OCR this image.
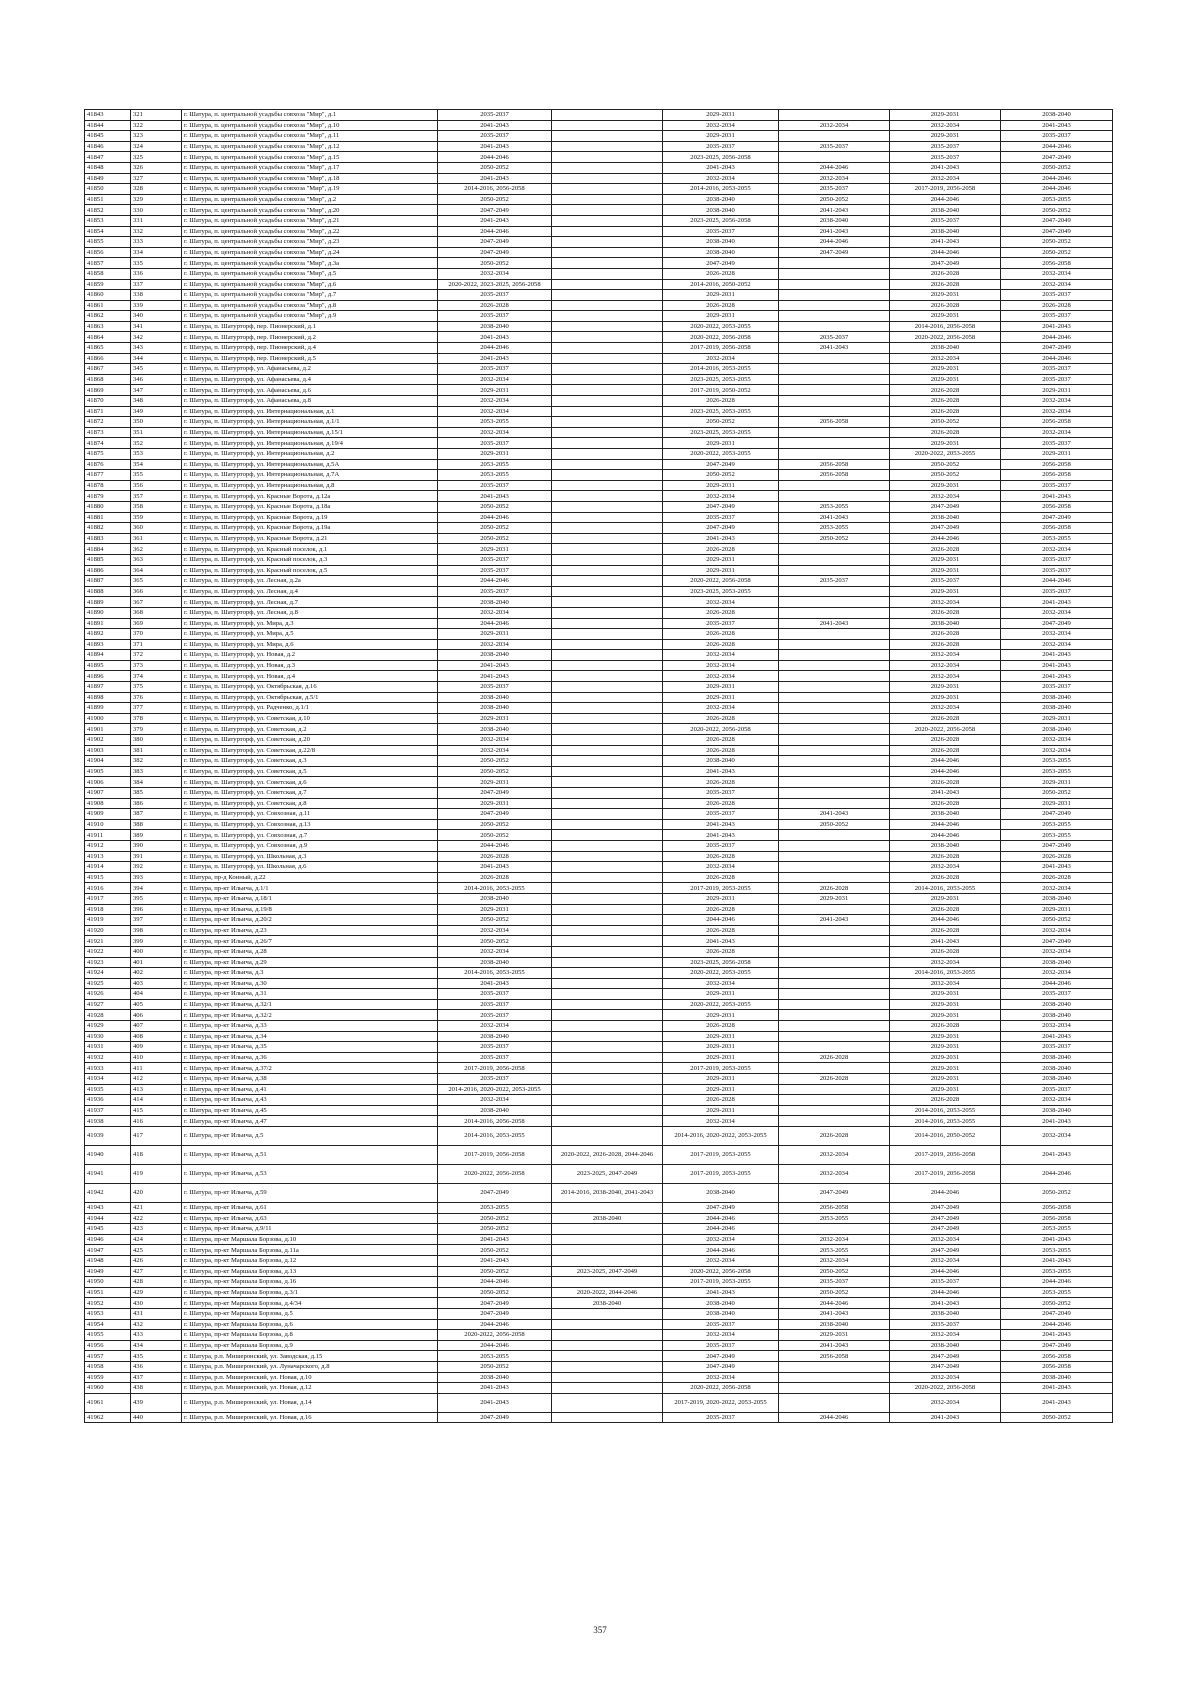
41843	321	г. Шатура, п. центральной усадьбы совхоза "Мир", д.1	2035-2037		2029-2031		2029-2031	2038-2040
41844	322	г. Шатура, п. центральной усадьбы совхоза "Мир", д.10	2041-2043		2032-2034	2032-2034	2032-2034	2041-2043
41845	323	г. Шатура, п. центральной усадьбы совхоза "Мир", д.11	2035-2037		2029-2031		2029-2031	2035-2037
41846	324	г. Шатура, п. центральной усадьбы совхоза "Мир", д.12	2041-2043		2035-2037	2035-2037	2035-2037	2044-2046
41847	325	г. Шатура, п. центральной усадьбы совхоза "Мир", д.15	2044-2046		2023-2025, 2056-2058		2035-2037	2047-2049
41848	326	г. Шатура, п. центральной усадьбы совхоза "Мир", д.17	2050-2052		2041-2043	2044-2046	2041-2043	2050-2052
41849	327	г. Шатура, п. центральной усадьбы совхоза "Мир", д.18	2041-2043		2032-2034	2032-2034	2032-2034	2044-2046
41850	328	г. Шатура, п. центральной усадьбы совхоза "Мир", д.19	2014-2016, 2056-2058		2014-2016, 2053-2055	2035-2037	2017-2019, 2056-2058	2044-2046
41851	329	г. Шатура, п. центральной усадьбы совхоза "Мир", д.2	2050-2052		2038-2040	2050-2052	2044-2046	2053-2055
41852	330	г. Шатура, п. центральной усадьбы совхоза "Мир", д.20	2047-2049		2038-2040	2041-2043	2038-2040	2050-2052
41853	331	г. Шатура, п. центральной усадьбы совхоза "Мир", д.21	2041-2043		2023-2025, 2056-2058	2038-2040	2035-2037	2047-2049
41854	332	г. Шатура, п. центральной усадьбы совхоза "Мир", д.22	2044-2046		2035-2037	2041-2043	2038-2040	2047-2049
41855	333	г. Шатура, п. центральной усадьбы совхоза "Мир", д.23	2047-2049		2038-2040	2044-2046	2041-2043	2050-2052
41856	334	г. Шатура, п. центральной усадьбы совхоза "Мир", д.24	2047-2049		2038-2040	2047-2049	2044-2046	2050-2052
41857	335	г. Шатура, п. центральной усадьбы совхоза "Мир", д.3а	2050-2052		2047-2049		2047-2049	2056-2058
41858	336	г. Шатура, п. центральной усадьбы совхоза "Мир", д.5	2032-2034		2026-2028		2026-2028	2032-2034
41859	337	г. Шатура, п. центральной усадьбы совхоза "Мир", д.6	2020-2022, 2023-2025, 2056-2058		2014-2016, 2050-2052		2026-2028	2032-2034
41860	338	г. Шатура, п. центральной усадьбы совхоза "Мир", д.7	2035-2037		2029-2031		2029-2031	2035-2037
41861	339	г. Шатура, п. центральной усадьбы совхоза "Мир", д.8	2026-2028		2026-2028		2026-2028	2026-2028
41862	340	г. Шатура, п. центральной усадьбы совхоза "Мир", д.9	2035-2037		2029-2031		2029-2031	2035-2037
41863	341	г. Шатура, п. Шатурторф, пер. Пионерский, д.1	2038-2040		2020-2022, 2053-2055		2014-2016, 2056-2058	2041-2043
41864	342	г. Шатура, п. Шатурторф, пер. Пионерский, д.2	2041-2043		2020-2022, 2056-2058	2035-2037	2020-2022, 2056-2058	2044-2046
41865	343	г. Шатура, п. Шатурторф, пер. Пионерский, д.4	2044-2046		2017-2019, 2056-2058	2041-2043	2038-2040	2047-2049
41866	344	г. Шатура, п. Шатурторф, пер. Пионерский, д.5	2041-2043		2032-2034		2032-2034	2044-2046
41867	345	г. Шатура, п. Шатурторф, ул. Афанасьева, д.2	2035-2037		2014-2016, 2053-2055		2029-2031	2035-2037
41868	346	г. Шатура, п. Шатурторф, ул. Афанасьева, д.4	2032-2034		2023-2025, 2053-2055		2029-2031	2035-2037
41869	347	г. Шатура, п. Шатурторф, ул. Афанасьева, д.6	2029-2031		2017-2019, 2050-2052		2026-2028	2029-2031
41870	348	г. Шатура, п. Шатурторф, ул. Афанасьева, д.8	2032-2034		2026-2028		2026-2028	2032-2034
41871	349	г. Шатура, п. Шатурторф, ул. Интернациональная, д.1	2032-2034		2023-2025, 2053-2055		2026-2028	2032-2034
41872	350	г. Шатура, п. Шатурторф, ул. Интернациональная, д.1/1	2053-2055		2050-2052	2056-2058	2050-2052	2056-2058
41873	351	г. Шатура, п. Шатурторф, ул. Интернациональная, д.15/1	2032-2034		2023-2025, 2053-2055		2026-2028	2032-2034
41874	352	г. Шатура, п. Шатурторф, ул. Интернациональная, д.19/4	2035-2037		2029-2031		2029-2031	2035-2037
41875	353	г. Шатура, п. Шатурторф, ул. Интернациональная, д.2	2029-2031		2020-2022, 2053-2055		2020-2022, 2053-2055	2029-2031
41876	354	г. Шатура, п. Шатурторф, ул. Интернациональная, д.5А	2053-2055		2047-2049	2056-2058	2050-2052	2056-2058
41877	355	г. Шатура, п. Шатурторф, ул. Интернациональная, д.7А	2053-2055		2050-2052	2056-2058	2050-2052	2056-2058
41878	356	г. Шатура, п. Шатурторф, ул. Интернациональная, д.8	2035-2037		2029-2031		2029-2031	2035-2037
41879	357	г. Шатура, п. Шатурторф, ул. Красные Ворота, д.12а	2041-2043		2032-2034		2032-2034	2041-2043
41880	358	г. Шатура, п. Шатурторф, ул. Красные Ворота, д.18а	2050-2052		2047-2049	2053-2055	2047-2049	2056-2058
41881	359	г. Шатура, п. Шатурторф, ул. Красные Ворота, д.19	2044-2046		2035-2037	2041-2043	2038-2040	2047-2049
41882	360	г. Шатура, п. Шатурторф, ул. Красные Ворота, д.19а	2050-2052		2047-2049	2053-2055	2047-2049	2056-2058
41883	361	г. Шатура, п. Шатурторф, ул. Красные Ворота, д.21	2050-2052		2041-2043	2050-2052	2044-2046	2053-2055
41884	362	г. Шатура, п. Шатурторф, ул. Красный поселок, д.1	2029-2031		2026-2028		2026-2028	2032-2034
41885	363	г. Шатура, п. Шатурторф, ул. Красный поселок, д.3	2035-2037		2029-2031		2029-2031	2035-2037
41886	364	г. Шатура, п. Шатурторф, ул. Красный поселок, д.5	2035-2037		2029-2031		2029-2031	2035-2037
41887	365	г. Шатура, п. Шатурторф, ул. Лесная, д.2а	2044-2046		2020-2022, 2056-2058	2035-2037	2035-2037	2044-2046
41888	366	г. Шатура, п. Шатурторф, ул. Лесная, д.4	2035-2037		2023-2025, 2053-2055		2029-2031	2035-2037
41889	367	г. Шатура, п. Шатурторф, ул. Лесная, д.7	2038-2040		2032-2034		2032-2034	2041-2043
41890	368	г. Шатура, п. Шатурторф, ул. Лесная, д.8	2032-2034		2026-2028		2026-2028	2032-2034
41891	369	г. Шатура, п. Шатурторф, ул. Мира, д.3	2044-2046		2035-2037	2041-2043	2038-2040	2047-2049
41892	370	г. Шатура, п. Шатурторф, ул. Мира, д.5	2029-2031		2026-2028		2026-2028	2032-2034
41893	371	г. Шатура, п. Шатурторф, ул. Мира, д.6	2032-2034		2026-2028		2026-2028	2032-2034
41894	372	г. Шатура, п. Шатурторф, ул. Новая, д.2	2038-2040		2032-2034		2032-2034	2041-2043
41895	373	г. Шатура, п. Шатурторф, ул. Новая, д.3	2041-2043		2032-2034		2032-2034	2041-2043
41896	374	г. Шатура, п. Шатурторф, ул. Новая, д.4	2041-2043		2032-2034		2032-2034	2041-2043
41897	375	г. Шатура, п. Шатурторф, ул. Октябрьская, д.16	2035-2037		2029-2031		2029-2031	2035-2037
41898	376	г. Шатура, п. Шатурторф, ул. Октябрьская, д.5/1	2038-2040		2029-2031		2029-2031	2038-2040
41899	377	г. Шатура, п. Шатурторф, ул. Радченко, д.1/1	2038-2040		2032-2034		2032-2034	2038-2040
41900	378	г. Шатура, п. Шатурторф, ул. Советская, д.10	2029-2031		2026-2028		2026-2028	2029-2031
41901	379	г. Шатура, п. Шатурторф, ул. Советская, д.2	2038-2040		2020-2022, 2056-2058		2020-2022, 2056-2058	2038-2040
41902	380	г. Шатура, п. Шатурторф, ул. Советская, д.20	2032-2034		2026-2028		2026-2028	2032-2034
41903	381	г. Шатура, п. Шатурторф, ул. Советская, д.22/8	2032-2034		2026-2028		2026-2028	2032-2034
41904	382	г. Шатура, п. Шатурторф, ул. Советская, д.3	2050-2052		2038-2040		2044-2046	2053-2055
41905	383	г. Шатура, п. Шатурторф, ул. Советская, д.5	2050-2052		2041-2043		2044-2046	2053-2055
41906	384	г. Шатура, п. Шатурторф, ул. Советская, д.6	2029-2031		2026-2028		2026-2028	2029-2031
41907	385	г. Шатура, п. Шатурторф, ул. Советская, д.7	2047-2049		2035-2037		2041-2043	2050-2052
41908	386	г. Шатура, п. Шатурторф, ул. Советская, д.8	2029-2031		2026-2028		2026-2028	2029-2031
41909	387	г. Шатура, п. Шатурторф, ул. Совхозная, д.11	2047-2049		2035-2037	2041-2043	2038-2040	2047-2049
41910	388	г. Шатура, п. Шатурторф, ул. Совхозная, д.13	2050-2052		2041-2043	2050-2052	2044-2046	2053-2055
41911	389	г. Шатура, п. Шатурторф, ул. Совхозная, д.7	2050-2052		2041-2043		2044-2046	2053-2055
41912	390	г. Шатура, п. Шатурторф, ул. Совхозная, д.9	2044-2046		2035-2037		2038-2040	2047-2049
41913	391	г. Шатура, п. Шатурторф, ул. Школьная, д.3	2026-2028		2026-2028		2026-2028	2026-2028
41914	392	г. Шатура, п. Шатурторф, ул. Школьная, д.6	2041-2043		2032-2034		2032-2034	2041-2043
41915	393	г. Шатура, пр-д Конный, д.22	2026-2028		2026-2028		2026-2028	2026-2028
41916	394	г. Шатура, пр-кт Ильича, д.1/1	2014-2016, 2053-2055		2017-2019, 2053-2055	2026-2028	2014-2016, 2053-2055	2032-2034
41917	395	г. Шатура, пр-кт Ильича, д.18/1	2038-2040		2029-2031	2029-2031	2029-2031	2038-2040
41918	396	г. Шатура, пр-кт Ильича, д.19/8	2029-2031		2026-2028		2026-2028	2029-2031
41919	397	г. Шатура, пр-кт Ильича, д.20/2	2050-2052		2044-2046	2041-2043	2044-2046	2050-2052
41920	398	г. Шатура, пр-кт Ильича, д.23	2032-2034		2026-2028		2026-2028	2032-2034
41921	399	г. Шатура, пр-кт Ильича, д.26/7	2050-2052		2041-2043		2041-2043	2047-2049
41922	400	г. Шатура, пр-кт Ильича, д.28	2032-2034		2026-2028		2026-2028	2032-2034
41923	401	г. Шатура, пр-кт Ильича, д.29	2038-2040		2023-2025, 2056-2058		2032-2034	2038-2040
41924	402	г. Шатура, пр-кт Ильича, д.3	2014-2016, 2053-2055		2020-2022, 2053-2055		2014-2016, 2053-2055	2032-2034
41925	403	г. Шатура, пр-кт Ильича, д.30	2041-2043		2032-2034		2032-2034	2044-2046
41926	404	г. Шатура, пр-кт Ильича, д.31	2035-2037		2029-2031		2029-2031	2035-2037
41927	405	г. Шатура, пр-кт Ильича, д.32/1	2035-2037		2020-2022, 2053-2055		2029-2031	2038-2040
41928	406	г. Шатура, пр-кт Ильича, д.32/2	2035-2037		2029-2031		2029-2031	2038-2040
41929	407	г. Шатура, пр-кт Ильича, д.33	2032-2034		2026-2028		2026-2028	2032-2034
41930	408	г. Шатура, пр-кт Ильича, д.34	2038-2040		2029-2031		2029-2031	2041-2043
41931	409	г. Шатура, пр-кт Ильича, д.35	2035-2037		2029-2031		2029-2031	2035-2037
41932	410	г. Шатура, пр-кт Ильича, д.36	2035-2037		2029-2031	2026-2028	2029-2031	2038-2040
41933	411	г. Шатура, пр-кт Ильича, д.37/2	2017-2019, 2056-2058		2017-2019, 2053-2055		2029-2031	2038-2040
41934	412	г. Шатура, пр-кт Ильича, д.38	2035-2037		2029-2031	2026-2028	2029-2031	2038-2040
41935	413	г. Шатура, пр-кт Ильича, д.41	2014-2016, 2020-2022, 2053-2055		2029-2031		2029-2031	2035-2037
41936	414	г. Шатура, пр-кт Ильича, д.43	2032-2034		2026-2028		2026-2028	2032-2034
41937	415	г. Шатура, пр-кт Ильича, д.45	2038-2040		2029-2031		2014-2016, 2053-2055	2038-2040
41938	416	г. Шатура, пр-кт Ильича, д.47	2014-2016, 2056-2058		2032-2034		2014-2016, 2053-2055	2041-2043
41939	417	г. Шатура, пр-кт Ильича, д.5	2014-2016, 2053-2055		2014-2016, 2020-2022, 2053-2055	2026-2028	2014-2016, 2050-2052	2032-2034
41940	418	г. Шатура, пр-кт Ильича, д.51	2017-2019, 2056-2058	2020-2022, 2026-2028, 2044-2046	2017-2019, 2053-2055	2032-2034	2017-2019, 2056-2058	2041-2043
41941	419	г. Шатура, пр-кт Ильича, д.53	2020-2022, 2056-2058	2023-2025, 2047-2049	2017-2019, 2053-2055	2032-2034	2017-2019, 2056-2058	2044-2046
41942	420	г. Шатура, пр-кт Ильича, д.59	2047-2049	2014-2016, 2038-2040, 2041-2043	2038-2040	2047-2049	2044-2046	2050-2052
41943	421	г. Шатура, пр-кт Ильича, д.61	2053-2055		2047-2049	2056-2058	2047-2049	2056-2058
41944	422	г. Шатура, пр-кт Ильича, д.63	2050-2052	2038-2040	2044-2046	2053-2055	2047-2049	2056-2058
41945	423	г. Шатура, пр-кт Ильича, д.9/11	2050-2052		2044-2046		2047-2049	2053-2055
41946	424	г. Шатура, пр-кт Маршала Борзова, д.10	2041-2043		2032-2034	2032-2034	2032-2034	2041-2043
41947	425	г. Шатура, пр-кт Маршала Борзова, д.11а	2050-2052		2044-2046	2053-2055	2047-2049	2053-2055
41948	426	г. Шатура, пр-кт Маршала Борзова, д.12	2041-2043		2032-2034	2032-2034	2032-2034	2041-2043
41949	427	г. Шатура, пр-кт Маршала Борзова, д.13	2050-2052	2023-2025, 2047-2049	2020-2022, 2056-2058	2050-2052	2044-2046	2053-2055
41950	428	г. Шатура, пр-кт Маршала Борзова, д.16	2044-2046		2017-2019, 2053-2055	2035-2037	2035-2037	2044-2046
41951	429	г. Шатура, пр-кт Маршала Борзова, д.3/1	2050-2052	2020-2022, 2044-2046	2041-2043	2050-2052	2044-2046	2053-2055
41952	430	г. Шатура, пр-кт Маршала Борзова, д.4/34	2047-2049	2038-2040	2038-2040	2044-2046	2041-2043	2050-2052
41953	431	г. Шатура, пр-кт Маршала Борзова, д.5	2047-2049		2038-2040	2041-2043	2038-2040	2047-2049
41954	432	г. Шатура, пр-кт Маршала Борзова, д.6	2044-2046		2035-2037	2038-2040	2035-2037	2044-2046
41955	433	г. Шатура, пр-кт Маршала Борзова, д.8	2020-2022, 2056-2058		2032-2034	2029-2031	2032-2034	2041-2043
41956	434	г. Шатура, пр-кт Маршала Борзова, д.9	2044-2046		2035-2037	2041-2043	2038-2040	2047-2049
41957	435	г. Шатура, р.п. Мишеронский, ул. Заводская, д.15	2053-2055		2047-2049	2056-2058	2047-2049	2056-2058
41958	436	г. Шатура, р.п. Мишеронский, ул. Луначарского, д.8	2050-2052		2047-2049		2047-2049	2056-2058
41959	437	г. Шатура, р.п. Мишеронский, ул. Новая, д.10	2038-2040		2032-2034		2032-2034	2038-2040
41960	438	г. Шатура, р.п. Мишеронский, ул. Новая, д.12	2041-2043		2020-2022, 2056-2058		2020-2022, 2056-2058	2041-2043
41961	439	г. Шатура, р.п. Мишеронский, ул. Новая, д.14	2041-2043		2017-2019, 2020-2022, 2053-2055		2032-2034	2041-2043
41962	440	г. Шатура, р.п. Мишеронский, ул. Новая, д.16	2047-2049		2035-2037	2044-2046	2041-2043	2050-2052
357
